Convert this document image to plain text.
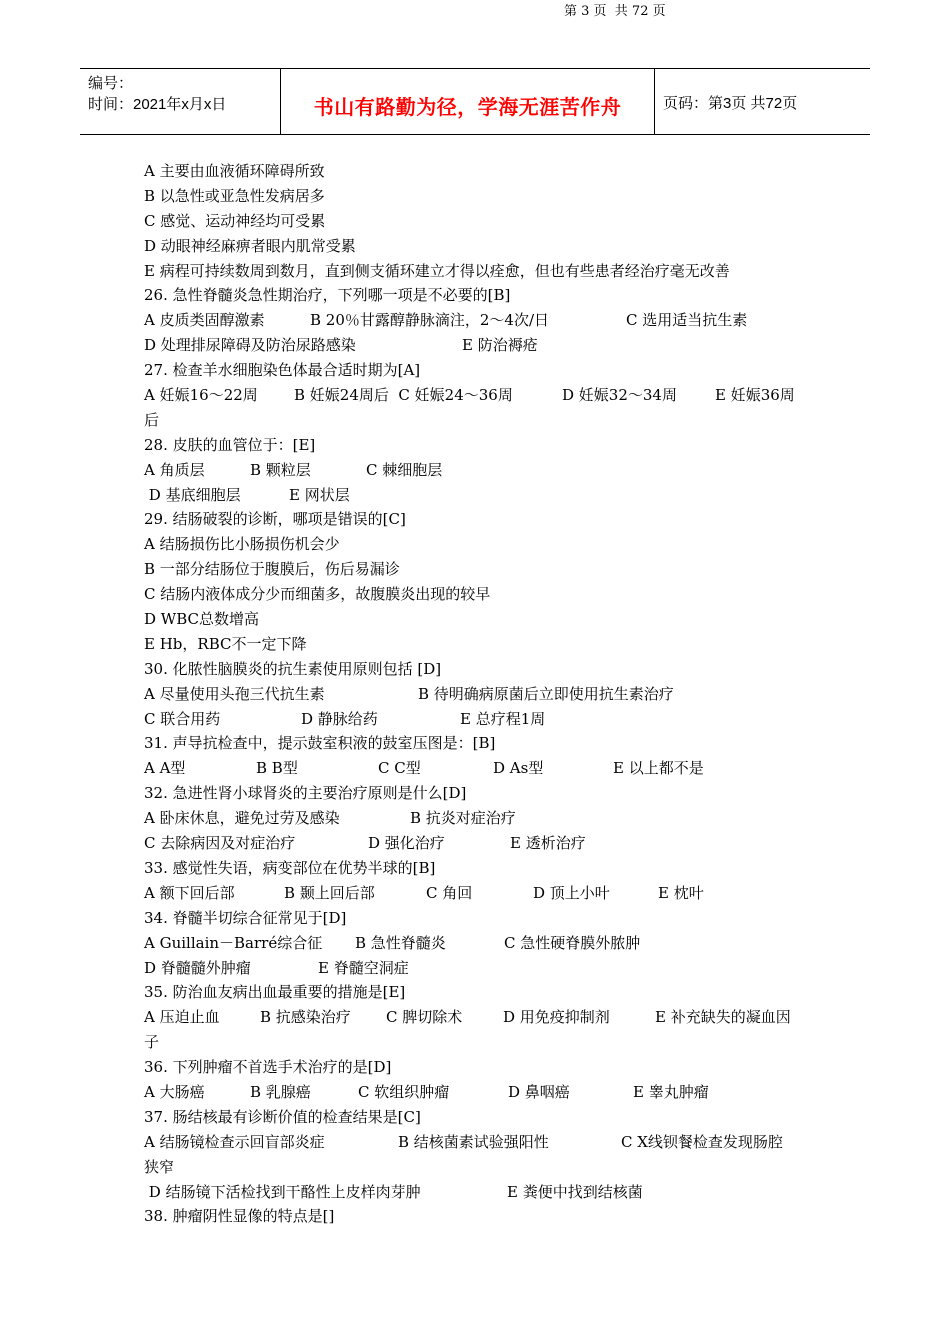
编号：
时间：2021年x月x日	书山有路勤为径，学海无涯苦作舟	页码：第3页 共72页
A 主要由血液循环障碍所致
B 以急性或亚急性发病居多
C 感觉、运动神经均可受累
D 动眼神经麻痹者眼内肌常受累
E 病程可持续数周到数月，直到侧支循环建立才得以痊愈，但也有些患者经治疗毫无改善
26. 急性脊髓炎急性期治疗，下列哪一项是不必要的[B]
A 皮质类固醇激素	B 20％甘露醇静脉滴注，2～4次/日	C 选用适当抗生素
D 处理排尿障碍及防治尿路感染	E 防治褥疮
27. 检查羊水细胞染色体最合适时期为[A]
A 妊娠16～22周 B 妊娠24周后  C 妊娠24～36周	D 妊娠32～34周	E 妊娠36周
后
28. 皮肤的血管位于：[E]
A 角质层	B 颗粒层	C 棘细胞层
D 基底细胞层	E 网状层
29. 结肠破裂的诊断，哪项是错误的[C]
A 结肠损伤比小肠损伤机会少
B 一部分结肠位于腹膜后，伤后易漏诊
C 结肠内液体成分少而细菌多，故腹膜炎出现的较早
D WBC总数增高
E Hb，RBC不一定下降
30. 化脓性脑膜炎的抗生素使用原则包括 [D]
A 尽量使用头孢三代抗生素	B 待明确病原菌后立即使用抗生素治疗
C 联合用药	D 静脉给药	E 总疗程1周
31. 声导抗检查中，提示鼓室积液的鼓室压图是：[B]
A A型	B B型	C C型	D As型	E 以上都不是
32. 急进性肾小球肾炎的主要治疗原则是什么[D]
A 卧床休息，避免过劳及感染	B 抗炎对症治疗
C 去除病因及对症治疗	D 强化治疗	E 透析治疗
33. 感觉性失语，病变部位在优势半球的[B]
A 额下回后部	B 颞上回后部	C 角回	D 顶上小叶	E 枕叶
34. 脊髓半切综合征常见于[D]
A Guillain－Barré综合征 B 急性脊髓炎	C 急性硬脊膜外脓肿
D 脊髓髓外肿瘤	E 脊髓空洞症
35. 防治血友病出血最重要的措施是[E]
A 压迫止血	B 抗感染治疗 C 脾切除术	D 用免疫抑制剂	E 补充缺失的凝血因
子
36. 下列肿瘤不首选手术治疗的是[D]
A 大肠癌	B 乳腺癌	C 软组织肿瘤	D 鼻咽癌	E 睾丸肿瘤
37. 肠结核最有诊断价值的检查结果是[C]
A 结肠镜检查示回盲部炎症	B 结核菌素试验强阳性	C X线钡餐检查发现肠腔
狭窄
D 结肠镜下活检找到干酪性上皮样肉芽肿	E 粪便中找到结核菌
38. 肿瘤阴性显像的特点是[]
第 3 页  共 72 页
